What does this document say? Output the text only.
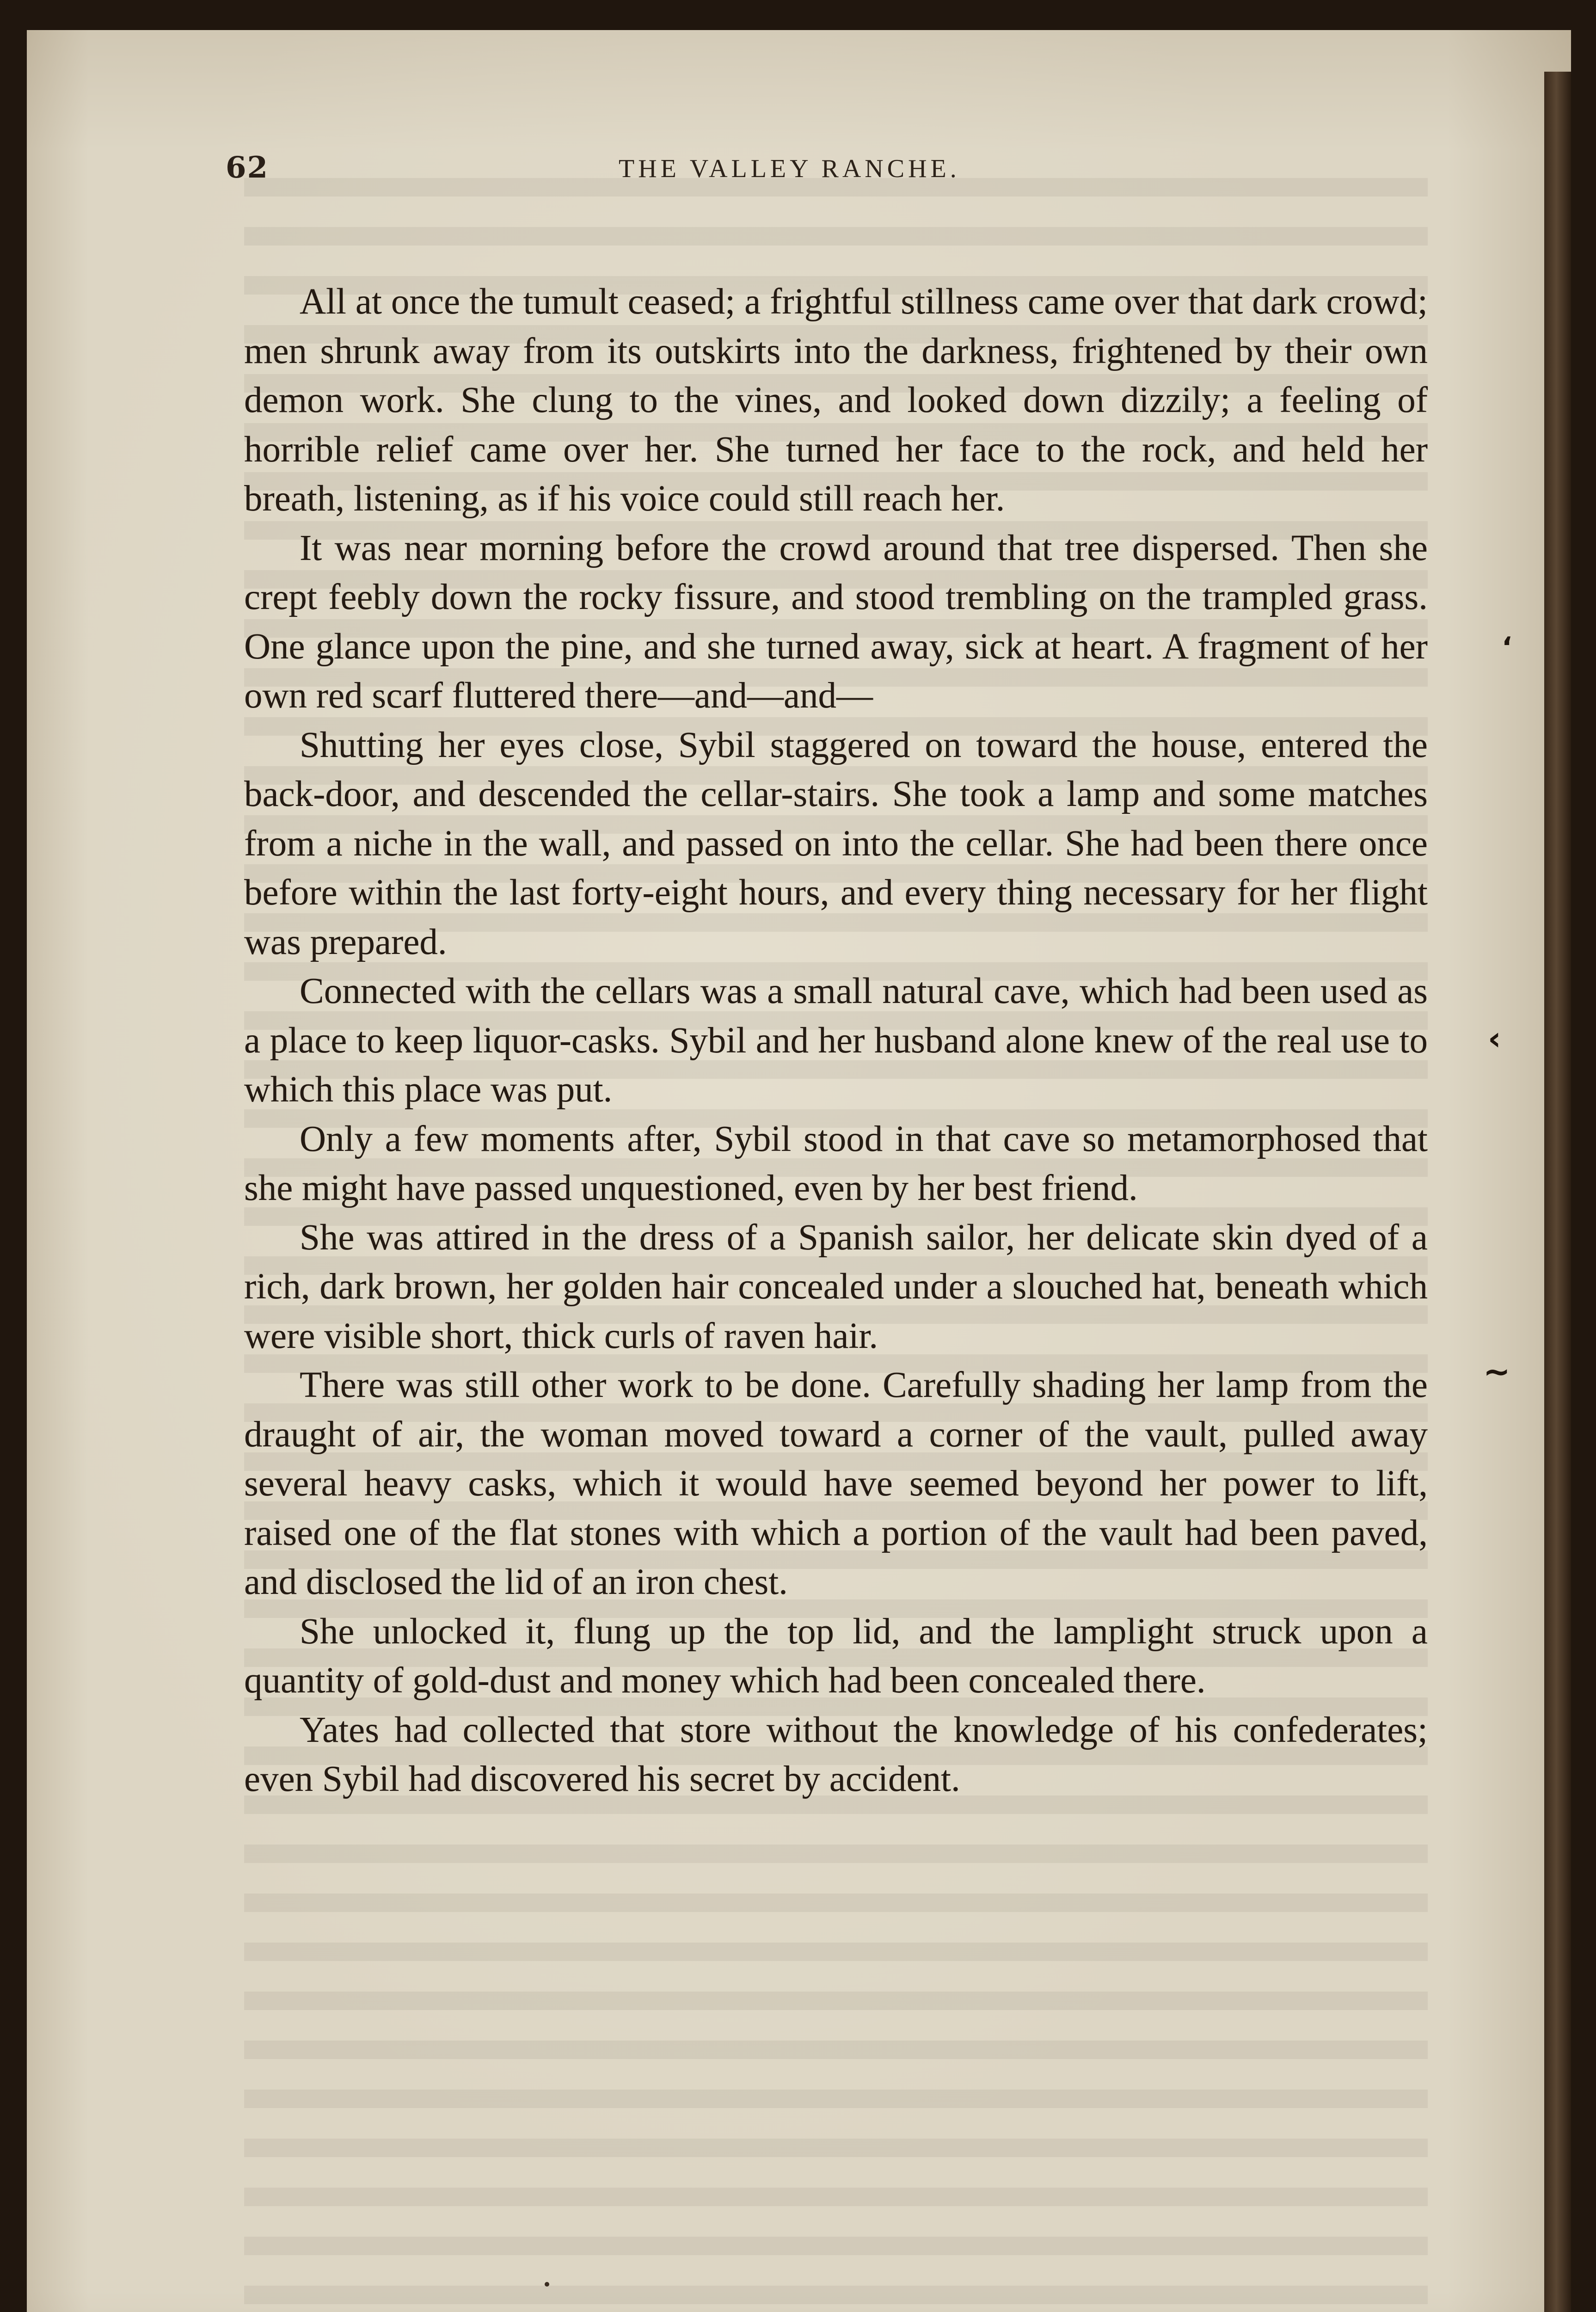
62	THE VALLEY RANCHE.

All at once the tumult ceased; a frightful stillness came over that dark crowd; men shrunk away from its outskirts into the darkness, frightened by their own demon work. She clung to the vines, and looked down dizzily; a feeling of horrible relief came over her. She turned her face to the rock, and held her breath, listening, as if his voice could still reach her.

It was near morning before the crowd around that tree dispersed. Then she crept feebly down the rocky fissure, and stood trembling on the trampled grass. One glance upon the pine, and she turned away, sick at heart. A fragment of her own red scarf fluttered there—and—and—

Shutting her eyes close, Sybil staggered on toward the house, entered the back-door, and descended the cellar-stairs. She took a lamp and some matches from a niche in the wall, and passed on into the cellar. She had been there once before within the last forty-eight hours, and every thing necessary for her flight was prepared.

Connected with the cellars was a small natural cave, which had been used as a place to keep liquor-casks. Sybil and her husband alone knew of the real use to which this place was put.

Only a few moments after, Sybil stood in that cave so metamorphosed that she might have passed unquestioned, even by her best friend.

She was attired in the dress of a Spanish sailor, her delicate skin dyed of a rich, dark brown, her golden hair concealed under a slouched hat, beneath which were visible short, thick curls of raven hair.

There was still other work to be done. Carefully shading her lamp from the draught of air, the woman moved toward a corner of the vault, pulled away several heavy casks, which it would have seemed beyond her power to lift, raised one of the flat stones with which a portion of the vault had been paved, and disclosed the lid of an iron chest.

She unlocked it, flung up the top lid, and the lamplight struck upon a quantity of gold-dust and money which had been concealed there.

Yates had collected that store without the knowledge of his confederates; even Sybil had discovered his secret by accident.

‘
‹
~
